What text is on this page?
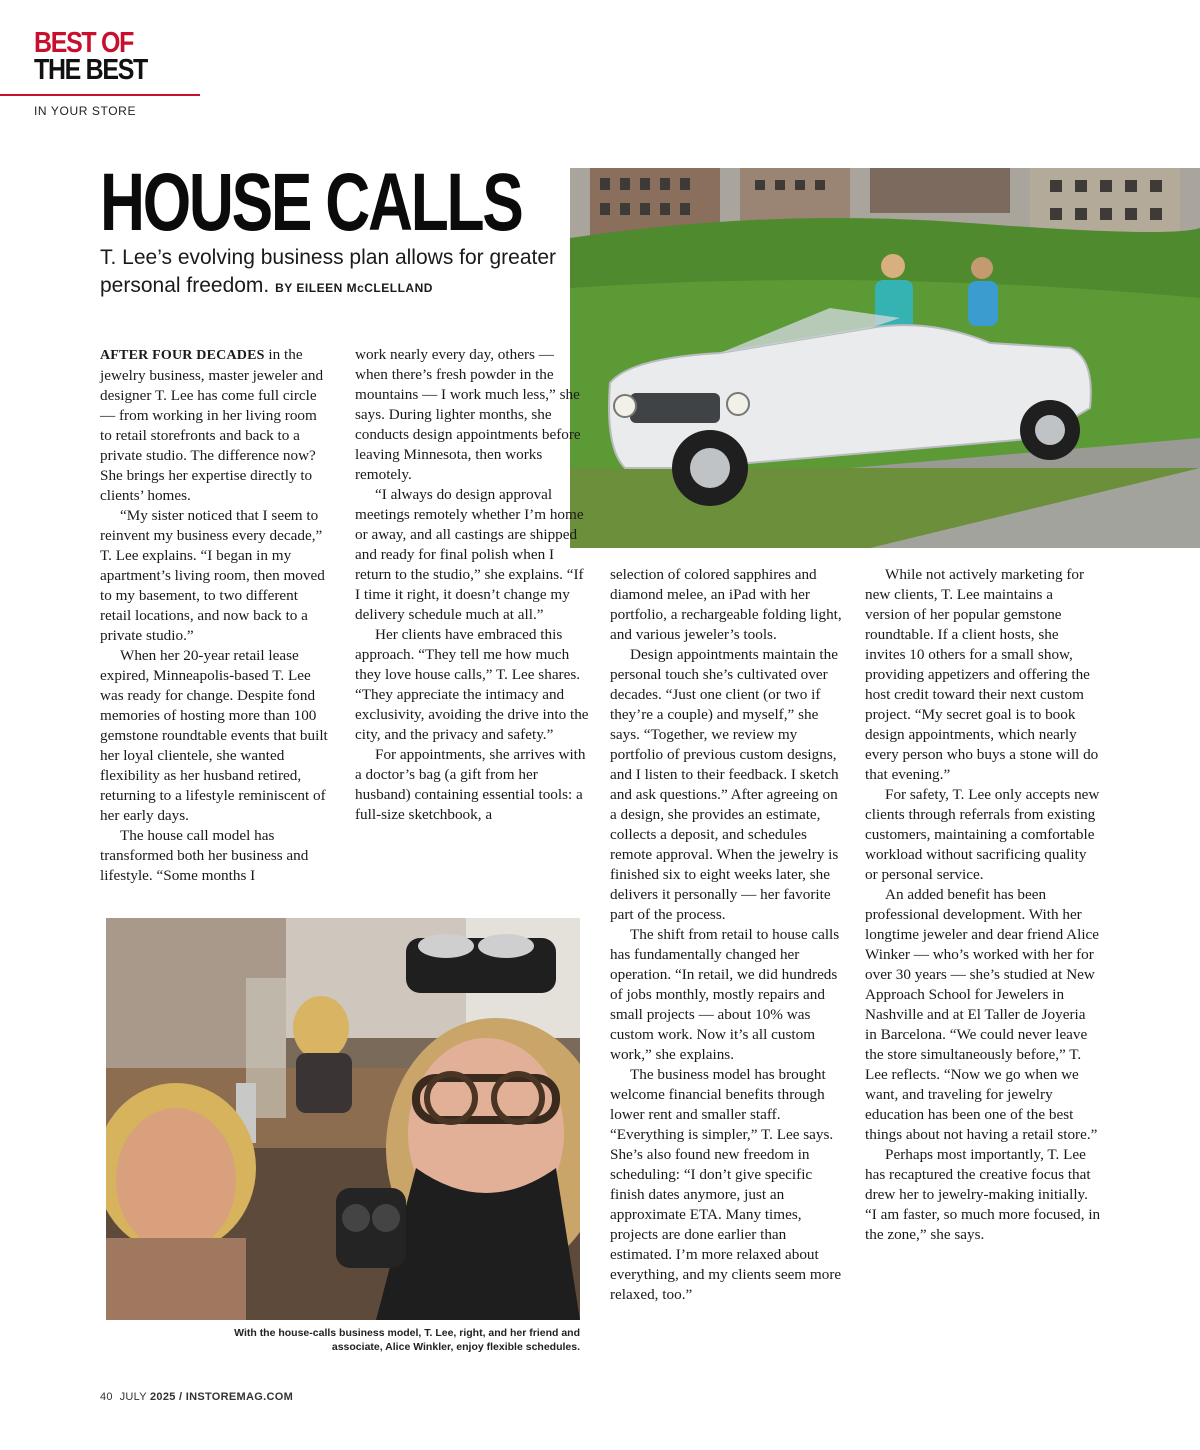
BEST OF
THE BEST
IN YOUR STORE
HOUSE CALLS
T. Lee’s evolving business plan allows for greater personal freedom. BY EILEEN McCLELLAND

AFTER FOUR DECADES in the jewelry business, master jeweler and designer T. Lee has come full circle — from working in her living room to retail storefronts and back to a private studio. The difference now? She brings her expertise directly to clients’ homes.

“My sister noticed that I seem to reinvent my business every decade,” T. Lee explains. “I began in my apartment’s living room, then moved to my basement, to two different retail locations, and now back to a private studio.”

When her 20-year retail lease expired, Minneapolis-based T. Lee was ready for change. Despite fond memories of hosting more than 100 gemstone roundtable events that built her loyal clientele, she wanted flexibility as her husband retired, returning to a lifestyle reminiscent of her early days.

The house call model has transformed both her business and lifestyle. “Some months I

work nearly every day, others — when there’s fresh powder in the mountains — I work much less,” she says. During lighter months, she conducts design appointments before leaving Minnesota, then works remotely.

“I always do design approval meetings remotely whether I’m home or away, and all castings are shipped and ready for final polish when I return to the studio,” she explains. “If I time it right, it doesn’t change my delivery schedule much at all.”

Her clients have embraced this approach. “They tell me how much they love house calls,” T. Lee shares. “They appreciate the intimacy and exclusivity, avoiding the drive into the city, and the privacy and safety.”

For appointments, she arrives with a doctor’s bag (a gift from her husband) containing essential tools: a full-size sketchbook, a

selection of colored sapphires and diamond melee, an iPad with her portfolio, a rechargeable folding light, and various jeweler’s tools.

Design appointments maintain the personal touch she’s cultivated over decades. “Just one client (or two if they’re a couple) and myself,” she says. “Together, we review my portfolio of previous custom designs, and I listen to their feedback. I sketch and ask questions.” After agreeing on a design, she provides an estimate, collects a deposit, and schedules remote approval. When the jewelry is finished six to eight weeks later, she delivers it personally — her favorite part of the process.

The shift from retail to house calls has fundamentally changed her operation. “In retail, we did hundreds of jobs monthly, mostly repairs and small projects — about 10% was custom work. Now it’s all custom work,” she explains.

The business model has brought welcome financial benefits through lower rent and smaller staff. “Everything is simpler,” T. Lee says. She’s also found new freedom in scheduling: “I don’t give specific finish dates anymore, just an approximate ETA. Many times, projects are done earlier than estimated. I’m more relaxed about everything, and my clients seem more relaxed, too.”

While not actively marketing for new clients, T. Lee maintains a version of her popular gemstone roundtable. If a client hosts, she invites 10 others for a small show, providing appetizers and offering the host credit toward their next custom project. “My secret goal is to book design appointments, which nearly every person who buys a stone will do that evening.”

For safety, T. Lee only accepts new clients through referrals from existing customers, maintaining a comfortable workload without sacrificing quality or personal service.

An added benefit has been professional development. With her longtime jeweler and dear friend Alice Winker — who’s worked with her for over 30 years — she’s studied at New Approach School for Jewelers in Nashville and at El Taller de Joyeria in Barcelona. “We could never leave the store simultaneously before,” T. Lee reflects. “Now we go when we want, and traveling for jewelry education has been one of the best things about not having a retail store.”

Perhaps most importantly, T. Lee has recaptured the creative focus that drew her to jewelry-making initially. “I am faster, so much more focused, in the zone,” she says.

With the house-calls business model, T. Lee, right, and her friend and associate, Alice Winkler, enjoy flexible schedules.
40 JULY 2025 / INSTOREMAG.COM
